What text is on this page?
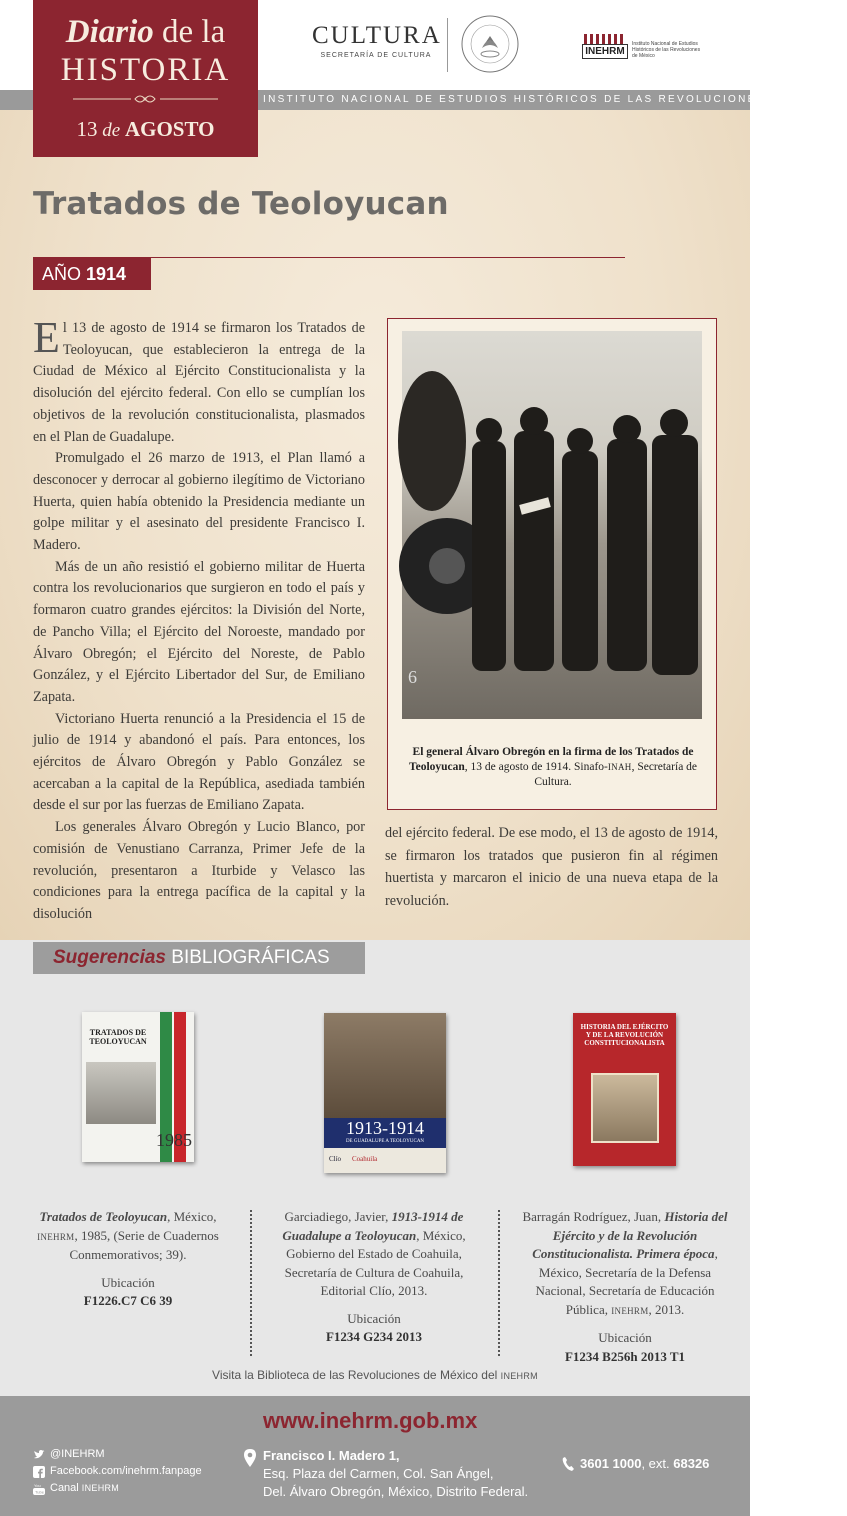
INSTITUTO NACIONAL DE ESTUDIOS HISTÓRICOS DE LAS REVOLUCIONES DE MÉXICO
Diario de la
HISTORIA
13 de AGOSTO
CULTURA
SECRETARÍA DE CULTURA	INEHRM
Instituto Nacional de Estudios Históricos de las Revoluciones de México
Tratados de Teoloyucan
AÑO 1914

El 13 de agosto de 1914 se firmaron los Tratados de Teoloyucan, que establecieron la entrega de la Ciudad de México al Ejército Constitucionalista y la disolución del ejército federal. Con ello se cumplían los objetivos de la revolución constitucionalista, plasmados en el Plan de Guadalupe.

Promulgado el 26 marzo de 1913, el Plan llamó a desconocer y derrocar al gobierno ilegítimo de Victoriano Huerta, quien había obtenido la Presidencia mediante un golpe militar y el asesinato del presidente Francisco I. Madero.

Más de un año resistió el gobierno militar de Huerta contra los revolucionarios que surgieron en todo el país y formaron cuatro grandes ejércitos: la División del Norte, de Pancho Villa; el Ejército del Noroeste, mandado por Álvaro Obregón; el Ejército del Noreste, de Pablo González, y el Ejército Libertador del Sur, de Emiliano Zapata.

Victoriano Huerta renunció a la Presidencia el 15 de julio de 1914 y abandonó el país. Para entonces, los ejércitos de Álvaro Obregón y Pablo González se acercaban a la capital de la República, asediada también desde el sur por las fuerzas de Emiliano Zapata.

Los generales Álvaro Obregón y Lucio Blanco, por comisión de Venustiano Carranza, Primer Jefe de la revolución, presentaron a Iturbide y Velasco las condiciones para la entrega pacífica de la capital y la disolución

6
El general Álvaro Obregón en la firma de los Tratados de Teoloyucan, 13 de agosto de 1914. Sinafo-INAH, Secretaría de Cultura.

del ejército federal. De ese modo, el 13 de agosto de 1914, se firmaron los tratados que pusieron fin al régimen huertista y marcaron el inicio de una nueva etapa de la revolución.

Sugerencias BIBLIOGRÁFICAS
TRATADOS DE TEOLOYUCAN
1985
1913-1914
DE GUADALUPE A TEOLOYUCAN
Clío Coahuila
HISTORIA DEL EJÉRCITO Y DE LA REVOLUCIÓN CONSTITUCIONALISTA
Tratados de Teoloyucan, México, INEHRM, 1985, (Serie de Cuadernos Conmemorativos; 39).
Ubicación
F1226.C7 C6 39
Garciadiego, Javier, 1913-1914 de Guadalupe a Teoloyucan, México, Gobierno del Estado de Coahuila, Secretaría de Cultura de Coahuila, Editorial Clío, 2013.
Ubicación
F1234 G234 2013
Barragán Rodríguez, Juan, Historia del Ejército y de la Revolución Constitucionalista. Primera época, México, Secretaría de la Defensa Nacional, Secretaría de Educación Pública, INEHRM, 2013.
Ubicación
F1234 B256h 2013 T1
Visita la Biblioteca de las Revoluciones de México del INEHRM
www.inehrm.gob.mx
@INEHRM
Facebook.com/inehrm.fanpage
You
Tube Canal INEHRM
Francisco I. Madero 1,
Esq. Plaza del Carmen, Col. San Ángel,
Del. Álvaro Obregón, México, Distrito Federal.
3601 1000, ext. 68326
